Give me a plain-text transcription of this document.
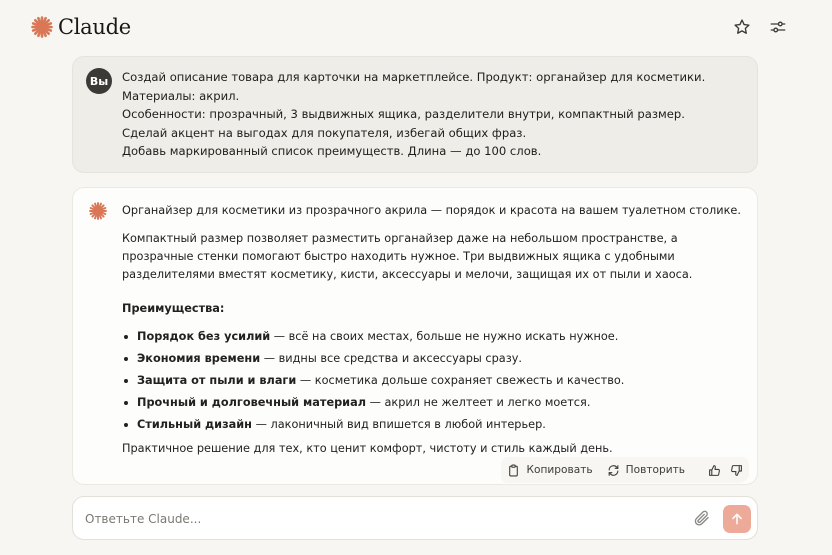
Claude
Вы	Создай описание товара для карточки на маркетплейсе. Продукт: органайзер для косметики.
Материалы: акрил.
Особенности: прозрачный, 3 выдвижных ящика, разделители внутри, компактный размер.
Сделай акцент на выгодах для покупателя, избегай общих фраз.
Добавь маркированный список преимуществ. Длина — до 100 слов.
Органайзер для косметики из прозрачного акрила — порядок и красота на вашем туалетном столике.
Компактный размер позволяет разместить органайзер даже на небольшом пространстве, а прозрачные стенки помогают быстро находить нужное. Три выдвижных ящика с удобными разделителями вместят косметику, кисти, аксессуары и мелочи, защищая их от пыли и хаоса.
Преимущества:
Порядок без усилий — всё на своих местах, больше не нужно искать нужное.
Экономия времени — видны все средства и аксессуары сразу.
Защита от пыли и влаги — косметика дольше сохраняет свежесть и качество.
Прочный и долговечный материал — акрил не желтеет и легко моется.
Стильный дизайн — лаконичный вид впишется в любой интерьер.
Практичное решение для тех, кто ценит комфорт, чистоту и стиль каждый день.
Копировать	Повторить
Ответьте Claude...
